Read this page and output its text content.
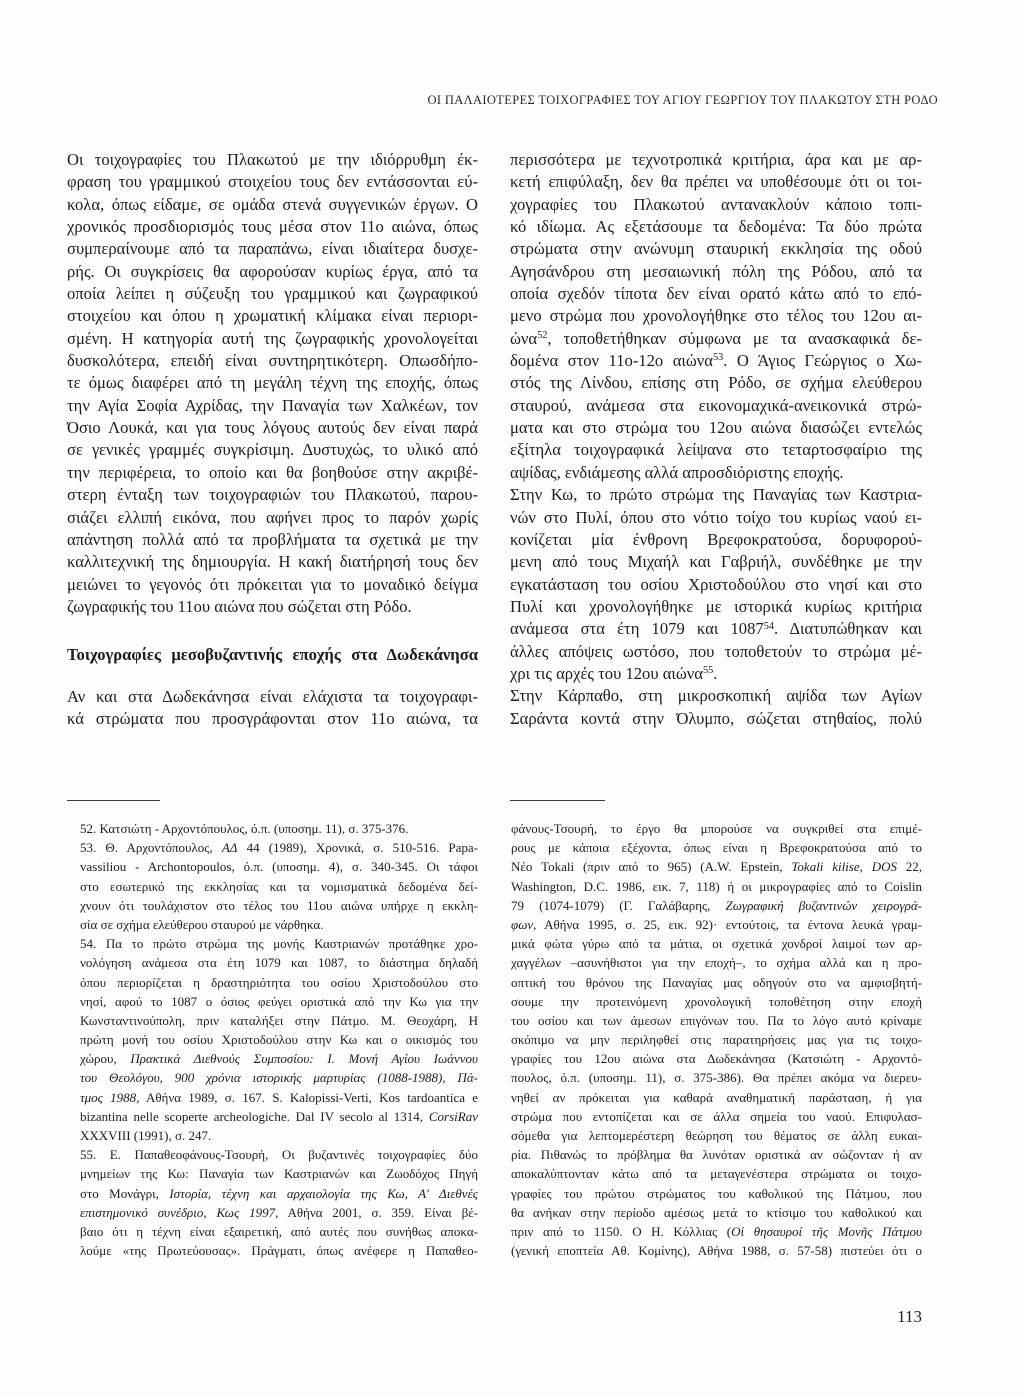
ΟΙ ΠΑΛΑΙΟΤΕΡΕΣ ΤΟΙΧΟΓΡΑΦΙΕΣ ΤΟΥ ΑΓΙΟΥ ΓΕΩΡΓΙΟΥ ΤΟΥ ΠΛΑΚΩΤΟΥ ΣΤΗ ΡΟΔΟ
Οι τοιχογραφίες του Πλακωτού με την ιδιόρρυθμη έκ-
φραση του γραμμικού στοιχείου τους δεν εντάσσονται εύ-
κολα, όπως είδαμε, σε ομάδα στενά συγγενικών έργων. Ο
χρονικός προσδιορισμός τους μέσα στον 11ο αιώνα, όπως
συμπεραίνουμε από τα παραπάνω, είναι ιδιαίτερα δυσχε-
ρής. Οι συγκρίσεις θα αφορούσαν κυρίως έργα, από τα
οποία λείπει η σύζευξη του γραμμικού και ζωγραφικού
στοιχείου και όπου η χρωματική κλίμακα είναι περιορι-
σμένη. Η κατηγορία αυτή της ζωγραφικής χρονολογείται
δυσκολότερα, επειδή είναι συντηρητικότερη. Οπωσδήπο-
τε όμως διαφέρει από τη μεγάλη τέχνη της εποχής, όπως
την Αγία Σοφία Αχρίδας, την Παναγία των Χαλκέων, τον
Όσιο Λουκά, και για τους λόγους αυτούς δεν είναι παρά
σε γενικές γραμμές συγκρίσιμη. Δυστυχώς, το υλικό από
την περιφέρεια, το οποίο και θα βοηθούσε στην ακριβέ-
στερη ένταξη των τοιχογραφιών του Πλακωτού, παρου-
σιάζει ελλιπή εικόνα, που αφήνει προς το παρόν χωρίς
απάντηση πολλά από τα προβλήματα τα σχετικά με την
καλλιτεχνική της δημιουργία. Η κακή διατήρησή τους δεν
μειώνει το γεγονός ότι πρόκειται για το μοναδικό δείγμα
ζωγραφικής του 11ου αιώνα που σώζεται στη Ρόδο.
Τοιχογραφίες μεσοβυζαντινής εποχής στα Δωδεκάνησα
Αν και στα Δωδεκάνησα είναι ελάχιστα τα τοιχογραφι-
κά στρώματα που προσγράφονται στον 11ο αιώνα, τα
περισσότερα με τεχνοτροπικά κριτήρια, άρα και με αρ-
κετή επιφύλαξη, δεν θα πρέπει να υποθέσουμε ότι οι τοι-
χογραφίες του Πλακωτού αντανακλούν κάποιο τοπι-
κό ιδίωμα. Ας εξετάσουμε τα δεδομένα: Τα δύο πρώτα
στρώματα στην ανώνυμη σταυρική εκκλησία της οδού
Αγησάνδρου στη μεσαιωνική πόλη της Ρόδου, από τα
οποία σχεδόν τίποτα δεν είναι ορατό κάτω από το επό-
μενο στρώμα που χρονολογήθηκε στο τέλος του 12ου αι-
ώνα$^{52}$, τοποθετήθηκαν σύμφωνα με τα ανασκαφικά δε-
δομένα στον 11ο-12ο αιώνα$^{53}$. Ο Άγιος Γεώργιος ο Χω-
στός της Λίνδου, επίσης στη Ρόδο, σε σχήμα ελεύθερου
σταυρού, ανάμεσα στα εικονομαχικά-ανεικονικά στρώ-
ματα και στο στρώμα του 12ου αιώνα διασώζει εντελώς
εξίτηλα τοιχογραφικά λείψανα στο τεταρτοσφαίριο της
αψίδας, ενδιάμεσης αλλά απροσδιόριστης εποχής.
Στην Κω, το πρώτο στρώμα της Παναγίας των Καστρια-
νών στο Πυλί, όπου στο νότιο τοίχο του κυρίως ναού ει-
κονίζεται μία ένθρονη Βρεφοκρατούσα, δορυφορού-
μενη από τους Μιχαήλ και Γαβριήλ, συνδέθηκε με την
εγκατάσταση του οσίου Χριστοδούλου στο νησί και στο
Πυλί και χρονολογήθηκε με ιστορικά κυρίως κριτήρια
ανάμεσα στα έτη 1079 και 1087$^{54}$. Διατυπώθηκαν και
άλλες απόψεις ωστόσο, που τοποθετούν το στρώμα μέ-
χρι τις αρχές του 12ου αιώνα$^{55}$.
Στην Κάρπαθο, στη μικροσκοπική αψίδα των Αγίων
Σαράντα κοντά στην Όλυμπο, σώζεται στηθαίος, πολύ
52. Κατσιώτη - Αρχοντόπουλος, ό.π. (υποσημ. 11), σ. 375-376.
53. Θ. Αρχοντόπουλος, ΑΔ 44 (1989), Χρονικά, σ. 510-516. Papa-
vassiliou - Archontopoulos, ό.π. (υποσημ. 4), σ. 340-345. Οι τάφοι
στο εσωτερικό της εκκλησίας και τα νομισματικά δεδομένα δεί-
χνουν ότι τουλάχιστον στο τέλος του 11ου αιώνα υπήρχε η εκκλη-
σία σε σχήμα ελεύθερου σταυρού με νάρθηκα.
54. Πα το πρώτο στρώμα της μονής Καστριανών προτάθηκε χρο-
νολόγηση ανάμεσα στα έτη 1079 και 1087, το διάστημα δηλαδή
όπου περιορίζεται η δραστηριότητα του οσίου Χριστοδούλου στο
νησί, αφού το 1087 ο όσιος φεύγει οριστικά από την Κω για την
Κωνσταντινούπολη, πριν καταλήξει στην Πάτμο. Μ. Θεοχάρη, Η
πρώτη μονή του οσίου Χριστοδούλου στην Κω και ο οικισμός του
χώρου, Πρακτικά Διεθνούς Συμποσίου: Ι. Μονή Αγίου Ιωάννου
του Θεολόγου, 900 χρόνια ιστορικής μαρτυρίας (1088-1988), Πά-
τμος 1988, Αθήνα 1989, σ. 167. S. Kalopissi-Verti, Kos tardoantica e
bizantina nelle scoperte archeologiche. Dal IV secolo al 1314, CorsiRav
XXXVIII (1991), σ. 247.
55. Ε. Παπαθεοφάνους-Τσουρή, Οι βυζαντινές τοιχογραφίες δύο
μνημείων της Κω: Παναγία των Καστριανών και Ζωοδόχος Πηγή
στο Μονάγρι, Ιστορία, τέχνη και αρχαιολογία της Κω, Α' Διεθνές
επιστημονικό συνέδριο, Κως 1997, Αθήνα 2001, σ. 359. Είναι βέ-
βαιο ότι η τέχνη είναι εξαιρετική, από αυτές που συνήθως αποκα-
λούμε «της Πρωτεύουσας». Πράγματι, όπως ανέφερε η Παπαθεο-
φάνους-Τσουρή, το έργο θα μπορούσε να συγκριθεί στα επιμέ-
ρους με κάποια εξέχοντα, όπως είναι η Βρεφοκρατούσα από το
Νέο Tokali (πριν από το 965) (A.W. Epstein, Tokali kilise, DOS 22,
Washington, D.C. 1986, εικ. 7, 118) ή οι μικρογραφίες από το Coislin
79 (1074-1079) (Γ. Γαλάβαρης, Ζωγραφική βυζαντινών χειρογρά-
φων, Αθήνα 1995, σ. 25, εικ. 92)· εντούτοις, τα έντονα λευκά γραμ-
μικά φώτα γύρω από τα μάτια, οι σχετικά χονδροί λαιμοί των αρ-
χαγγέλων –ασυνήθιστοι για την εποχή–, το σχήμα αλλά και η προ-
οπτική του θρόνου της Παναγίας μας οδηγούν στο να αμφισβητή-
σουμε την προτεινόμενη χρονολογική τοποθέτηση στην εποχή
του οσίου και των άμεσων επιγόνων του. Πα το λόγο αυτό κρίναμε
σκόπιμο να μην περιληφθεί στις παρατηρήσεις μας για τις τοιχο-
γραφίες του 12ου αιώνα στα Δωδεκάνησα (Κατσιώτη - Αρχοντό-
πουλος, ό.π. (υποσημ. 11), σ. 375-386). Θα πρέπει ακόμα να διερευ-
νηθεί αν πρόκειται για καθαρά αναθηματική παράσταση, ή για
στρώμα που εντοπίζεται και σε άλλα σημεία του ναού. Επιφυλασ-
σόμεθα για λεπτομερέστερη θεώρηση του θέματος σε άλλη ευκαι-
ρία. Πιθανώς το πρόβλημα θα λυνόταν οριστικά αν σώζονταν ή αν
αποκαλύπτονταν κάτω από τα μεταγενέστερα στρώματα οι τοιχο-
γραφίες του πρώτου στρώματος του καθολικού της Πάτμου, που
θα ανήκαν στην περίοδο αμέσως μετά το κτίσιμο του καθολικού και
πριν από το 1150. Ο Η. Κόλλιας (Οἱ θησαυροί τῆς Μονῆς Πάτμου
(γενική εποπτεία Αθ. Κομίνης), Αθήνα 1988, σ. 57-58) πιστεύει ότι ο
113
